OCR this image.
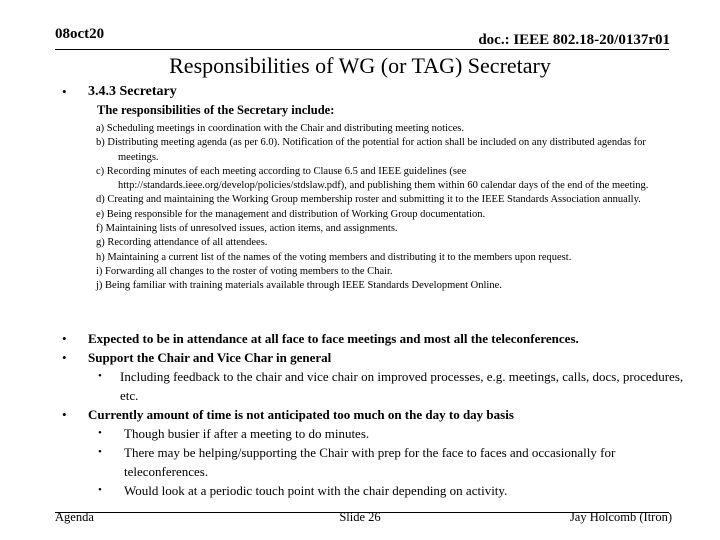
08oct20	doc.: IEEE 802.18-20/0137r01
Responsibilities of WG (or TAG) Secretary
• 3.4.3 Secretary
The responsibilities of the Secretary include:
a) Scheduling meetings in coordination with the Chair and distributing meeting notices.
b) Distributing meeting agenda (as per 6.0). Notification of the potential for action shall be included on any distributed agendas for meetings.
c) Recording minutes of each meeting according to Clause 6.5 and IEEE guidelines (see http://standards.ieee.org/develop/policies/stdslaw.pdf), and publishing them within 60 calendar days of the end of the meeting.
d) Creating and maintaining the Working Group membership roster and submitting it to the IEEE Standards Association annually.
e) Being responsible for the management and distribution of Working Group documentation.
f) Maintaining lists of unresolved issues, action items, and assignments.
g) Recording attendance of all attendees.
h) Maintaining a current list of the names of the voting members and distributing it to the members upon request.
i) Forwarding all changes to the roster of voting members to the Chair.
j) Being familiar with training materials available through IEEE Standards Development Online.
• Expected to be in attendance at all face to face meetings and most all the teleconferences.
• Support the Chair and Vice Char in general
• Including feedback to the chair and vice chair on improved processes, e.g. meetings, calls, docs, procedures, etc.
• Currently amount of time is not anticipated too much on the day to day basis
• Though busier if after a meeting to do minutes.
• There may be helping/supporting the Chair with prep for the face to faces and occasionally for teleconferences.
• Would look at a periodic touch point with the chair depending on activity.
Agenda	Slide 26	Jay Holcomb (Itron)
